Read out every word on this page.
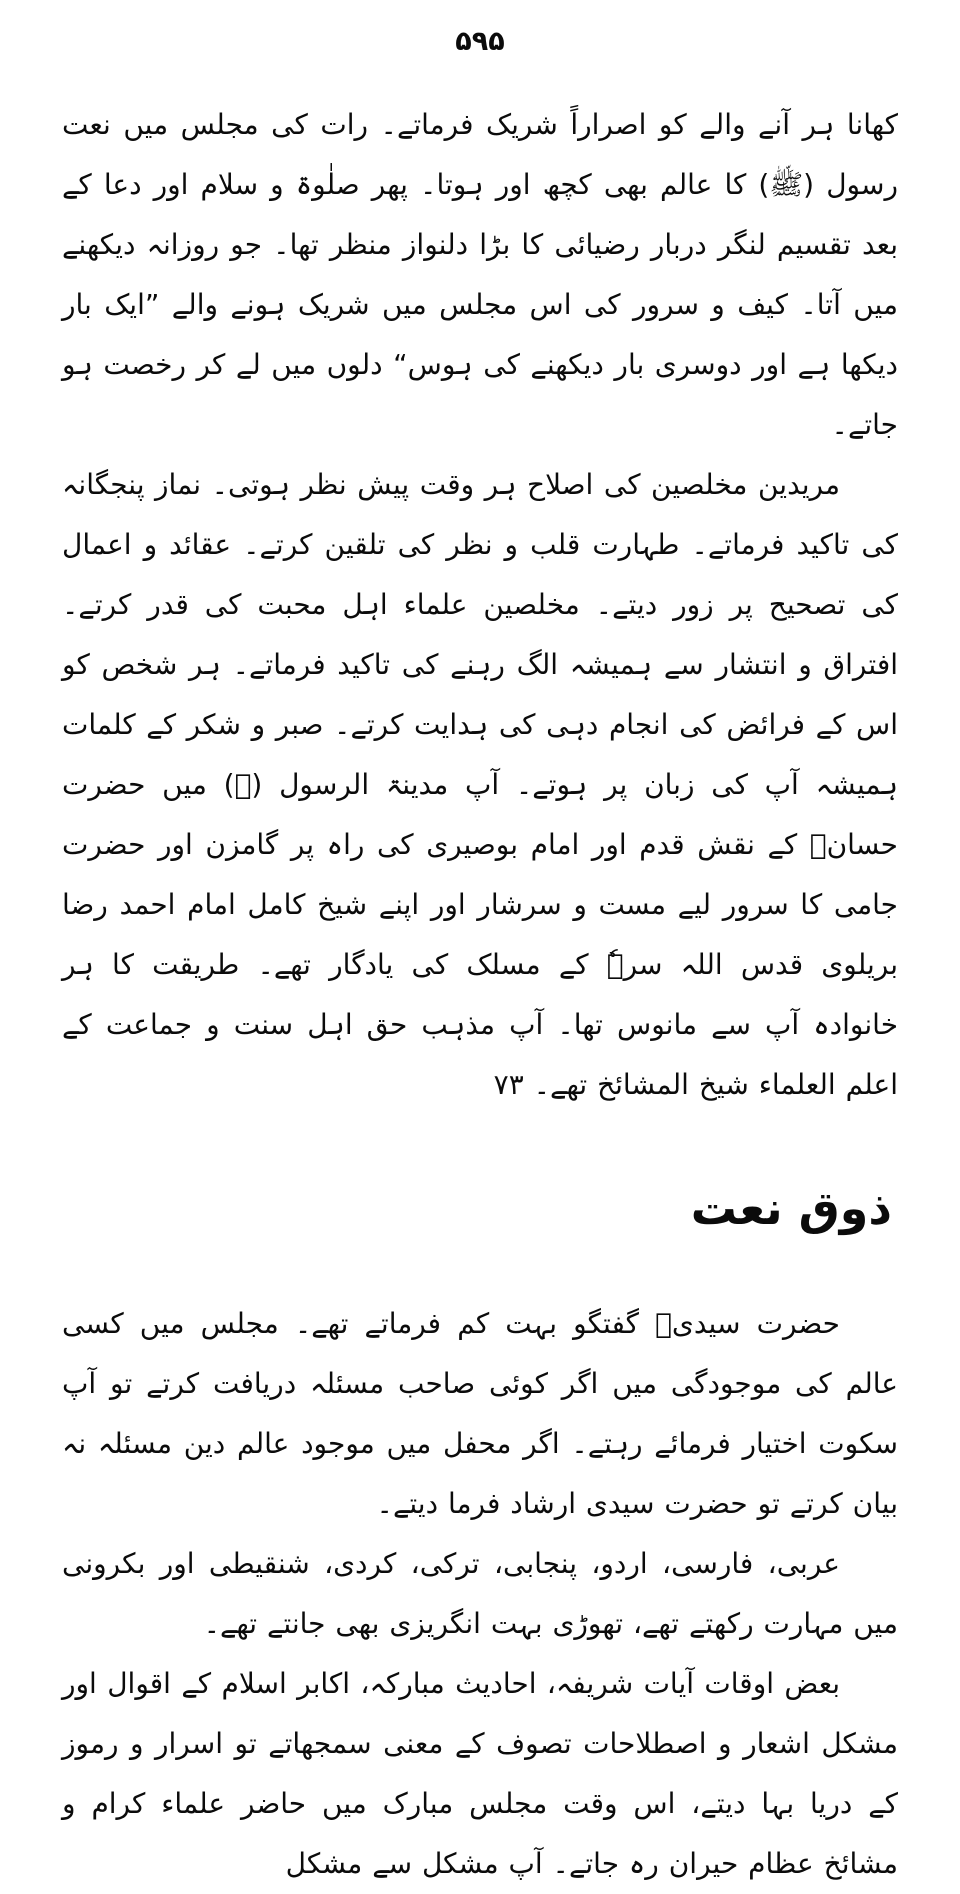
۵۹۵

کھانا ہر آنے والے کو اصراراً شریک فرماتے۔ رات کی مجلس میں نعت رسول (ﷺ) کا عالم بھی کچھ اور ہوتا۔ پھر صلٰوۃ و سلام اور دعا کے بعد تقسیم لنگر دربار رضیائی کا بڑا دلنواز منظر تھا۔ جو روزانہ دیکھنے میں آتا۔ کیف و سرور کی اس مجلس میں شریک ہونے والے ”ایک بار دیکھا ہے اور دوسری بار دیکھنے کی ہوس“ دلوں میں لے کر رخصت ہو جاتے۔

مریدین مخلصین کی اصلاح ہر وقت پیش نظر ہوتی۔ نماز پنجگانہ کی تاکید فرماتے۔ طہارت قلب و نظر کی تلقین کرتے۔ عقائد و اعمال کی تصحیح پر زور دیتے۔ مخلصین علماء اہل محبت کی قدر کرتے۔ افتراق و انتشار سے ہمیشہ الگ رہنے کی تاکید فرماتے۔ ہر شخص کو اس کے فرائض کی انجام دہی کی ہدایت کرتے۔ صبر و شکر کے کلمات ہمیشہ آپ کی زبان پر ہوتے۔ آپ مدینۃ الرسول (ﷺ) میں حضرت حسانؓ کے نقش قدم اور امام بوصیری کی راہ پر گامزن اور حضرت جامی کا سرور لیے مست و سرشار اور اپنے شیخ کامل امام احمد رضا بریلوی قدس اللہ سرہٗ کے مسلک کی یادگار تھے۔ طریقت کا ہر خانوادہ آپ سے مانوس تھا۔ آپ مذہب حق اہل سنت و جماعت کے اعلم العلماء شیخ المشائخ تھے۔ ۷۳

ذوق نعت

حضرت سیدیؒ گفتگو بہت کم فرماتے تھے۔ مجلس میں کسی عالم کی موجودگی میں اگر کوئی صاحب مسئلہ دریافت کرتے تو آپ سکوت اختیار فرمائے رہتے۔ اگر محفل میں موجود عالم دین مسئلہ نہ بیان کرتے تو حضرت سیدی ارشاد فرما دیتے۔

عربی، فارسی، اردو، پنجابی، ترکی، کردی، شنقیطی اور بکرونی میں مہارت رکھتے تھے، تھوڑی بہت انگریزی بھی جانتے تھے۔

بعض اوقات آیات شریفہ، احادیث مبارکہ، اکابر اسلام کے اقوال اور مشکل اشعار و اصطلاحات تصوف کے معنی سمجھاتے تو اسرار و رموز کے دریا بہا دیتے، اس وقت مجلس مبارک میں حاضر علماء کرام و مشائخ عظام حیران رہ جاتے۔ آپ مشکل سے مشکل
